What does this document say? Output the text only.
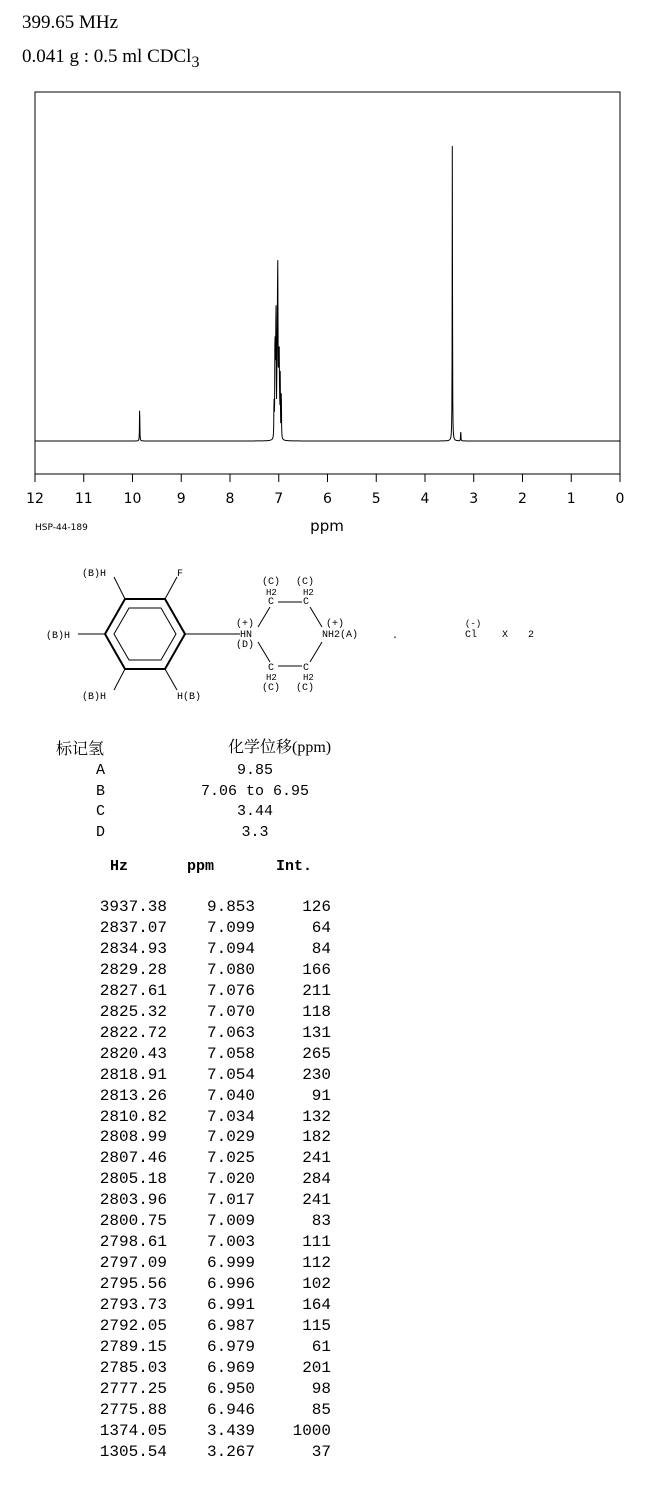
399.65 MHz
0.041 g : 0.5 ml CDCl$_3$
12 11 10	9	8	7	6	5	4	3	2	1	0
ppm
HSP-44-189
(B)H	F
(B)H
(B)H	H(B)
(C) (C)
H2	H2
C	C
(+)
HN
(D)
(+)
NH2(A)
C	C
H2	H2
(C) (C)
.
(-)
Cl X 2
标记氢	化学位移(ppm)
A	9.85
B	7.06 to 6.95
C	3.44
D	3.3
Hz	ppm	Int.
3937.38	9.853	126
2837.07	7.099	64
2834.93	7.094	84
2829.28	7.080	166
2827.61	7.076	211
2825.32	7.070	118
2822.72	7.063	131
2820.43	7.058	265
2818.91	7.054	230
2813.26	7.040	91
2810.82	7.034	132
2808.99	7.029	182
2807.46	7.025	241
2805.18	7.020	284
2803.96	7.017	241
2800.75	7.009	83
2798.61	7.003	111
2797.09	6.999	112
2795.56	6.996	102
2793.73	6.991	164
2792.05	6.987	115
2789.15	6.979	61
2785.03	6.969	201
2777.25	6.950	98
2775.88	6.946	85
1374.05	3.439	1000
1305.54	3.267	37
